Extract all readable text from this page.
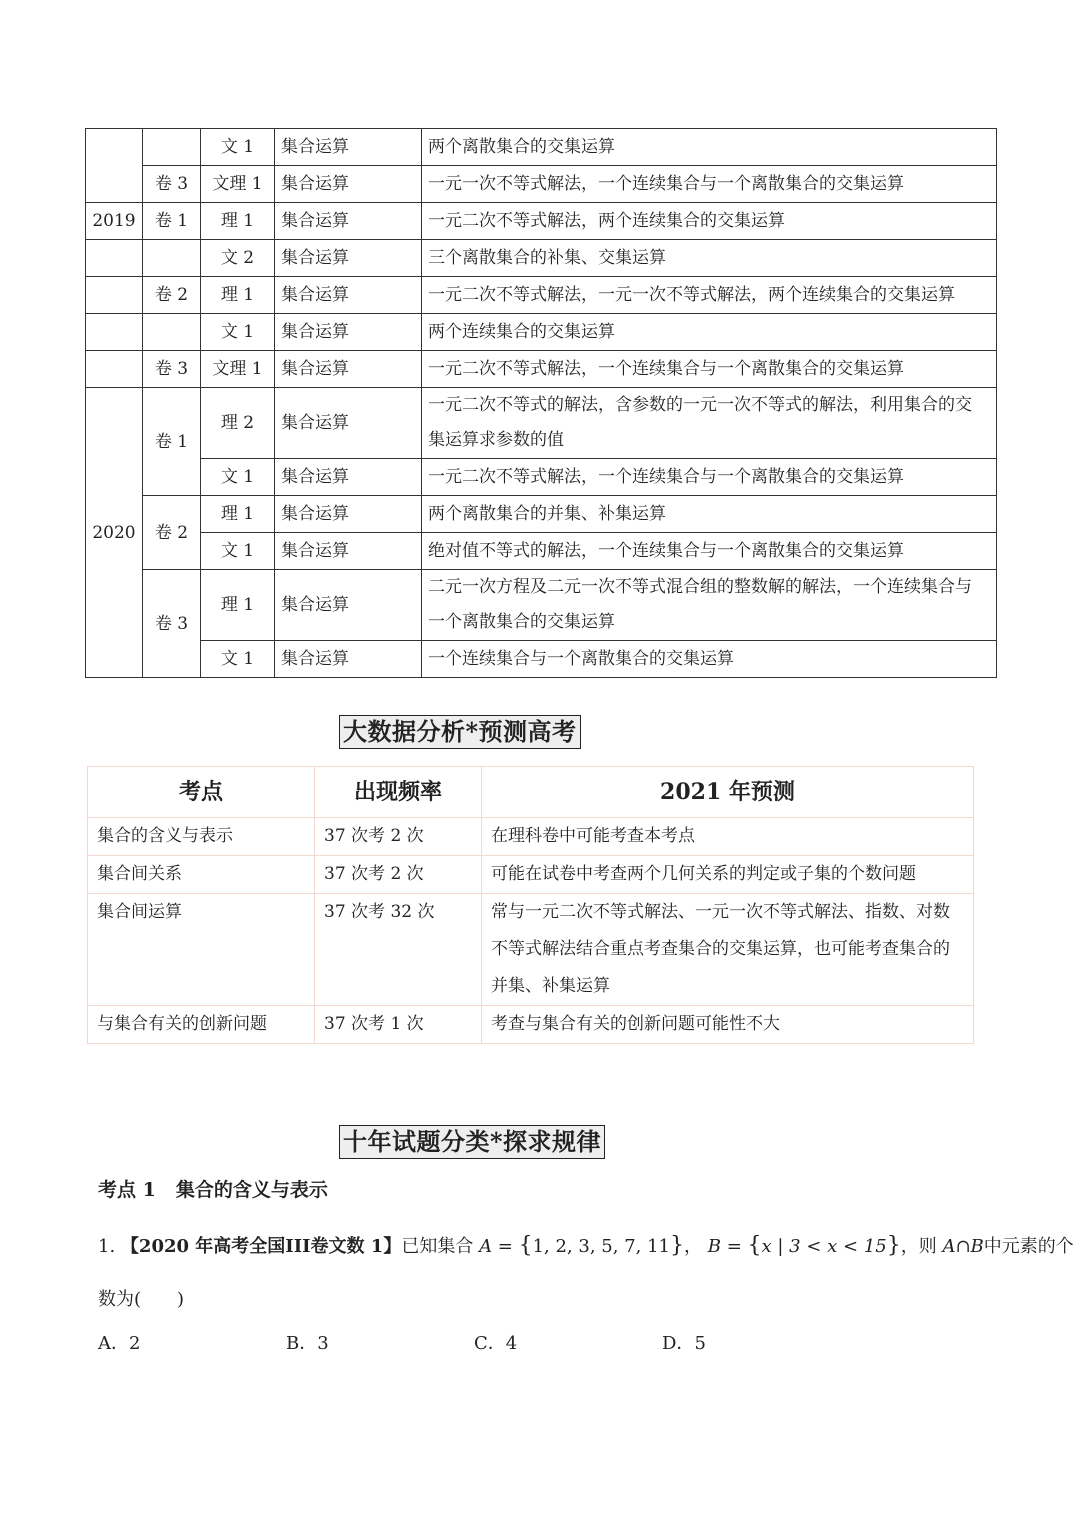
		文 1	集合运算	两个离散集合的交集运算
	卷 3	文理 1	集合运算	一元一次不等式解法，一个连续集合与一个离散集合的交集运算
2019	卷 1	理 1	集合运算	一元二次不等式解法，两个连续集合的交集运算
		文 2	集合运算	三个离散集合的补集、交集运算
	卷 2	理 1	集合运算	一元二次不等式解法，一元一次不等式解法，两个连续集合的交集运算
		文 1	集合运算	两个连续集合的交集运算
	卷 3	文理 1	集合运算	一元二次不等式解法，一个连续集合与一个离散集合的交集运算
2020	卷 1	理 2	集合运算	一元二次不等式的解法，含参数的一元一次不等式的解法，利用集合的交集运算求参数的值
		文 1	集合运算	一元二次不等式解法，一个连续集合与一个离散集合的交集运算
	卷 2	理 1	集合运算	两个离散集合的并集、补集运算
		文 1	集合运算	绝对值不等式的解法，一个连续集合与一个离散集合的交集运算
	卷 3	理 1	集合运算	二元一次方程及二元一次不等式混合组的整数解的解法，一个连续集合与一个离散集合的交集运算
		文 1	集合运算	一个连续集合与一个离散集合的交集运算
大数据分析*预测高考
考点	出现频率	2021 年预测
集合的含义与表示	37 次考 2 次	在理科卷中可能考查本考点
集合间关系	37 次考 2 次	可能在试卷中考查两个几何关系的判定或子集的个数问题
集合间运算	37 次考 32 次	常与一元二次不等式解法、一元一次不等式解法、指数、对数不等式解法结合重点考查集合的交集运算，也可能考查集合的并集、补集运算
与集合有关的创新问题	37 次考 1 次	考查与集合有关的创新问题可能性不大
十年试题分类*探求规律
考点 1 集合的含义与表示
1. 【2020 年高考全国III卷文数 1】已知集合 A = {1, 2, 3, 5, 7, 11}， B = {x | 3 < x < 15}，则 A∩B中元素的个
数为(　　)
A．2	B．3	C．4	D．5
